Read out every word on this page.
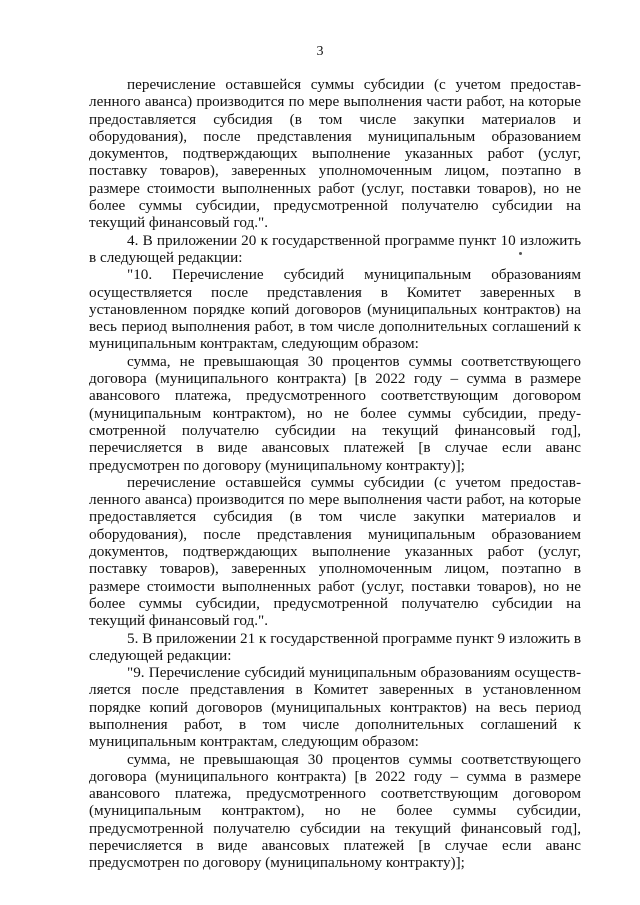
3

перечисление оставшейся суммы субсидии (с учетом предоставленного аванса) производится по мере выполнения части работ, на которые предоставляется субсидия (в том числе закупки материалов и оборудования), после представления муниципальным образованием документов, подтверждающих выполнение указанных работ (услуг, поставку товаров), заверенных уполномоченным лицом, поэтапно в размере стоимости выполненных работ (услуг, поставки товаров), но не более суммы субсидии, предусмотренной получателю субсидии на текущий финансовый год.".

4. В приложении 20 к государственной программе пункт 10 изложить в следующей редакции:

"10. Перечисление субсидий муниципальным образованиям осуществляется после представления в Комитет заверенных в установленном порядке копий договоров (муниципальных контрактов) на весь период выполнения работ, в том числе дополнительных соглашений к муниципальным контрактам, следующим образом:

сумма, не превышающая 30 процентов суммы соответствующего договора (муниципального контракта) [в 2022 году – сумма в размере авансового платежа, предусмотренного соответствующим договором (муниципальным контрактом), но не более суммы субсидии, предусмотренной получателю субсидии на текущий финансовый год], перечисляется в виде авансовых платежей [в случае если аванс предусмотрен по договору (муниципальному контракту)];

перечисление оставшейся суммы субсидии (с учетом предоставленного аванса) производится по мере выполнения части работ, на которые предоставляется субсидия (в том числе закупки материалов и оборудования), после представления муниципальным образованием документов, подтверждающих выполнение указанных работ (услуг, поставку товаров), заверенных уполномоченным лицом, поэтапно в размере стоимости выполненных работ (услуг, поставки товаров), но не более суммы субсидии, предусмотренной получателю субсидии на текущий финансовый год.".

5. В приложении 21 к государственной программе пункт 9 изложить в следующей редакции:

"9. Перечисление субсидий муниципальным образованиям осуществляется после представления в Комитет заверенных в установленном порядке копий договоров (муниципальных контрактов) на весь период выполнения работ, в том числе дополнительных соглашений к муниципальным контрактам, следующим образом:

сумма, не превышающая 30 процентов суммы соответствующего договора (муниципального контракта) [в 2022 году – сумма в размере авансового платежа, предусмотренного соответствующим договором (муниципальным контрактом), но не более суммы субсидии, предусмотренной получателю субсидии на текущий финансовый год], перечисляется в виде авансовых платежей [в случае если аванс предусмотрен по договору (муниципальному контракту)];
